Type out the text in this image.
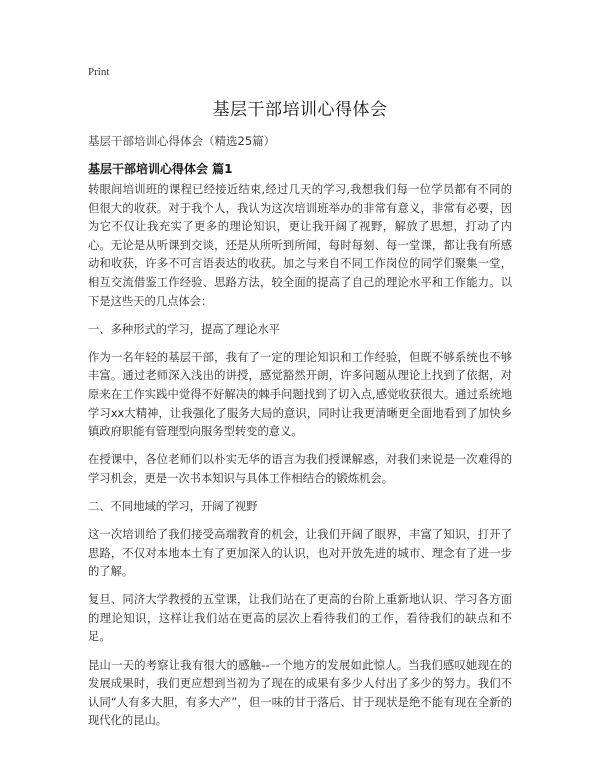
Print
基层干部培训心得体会
基层干部培训心得体会（精选25篇）
基层干部培训心得体会 篇1

转眼间培训班的课程已经接近结束,经过几天的学习,我想我们每一位学员都有不同的但很大的收获。对于我个人，我认为这次培训班举办的非常有意义，非常有必要，因为它不仅让我充实了更多的理论知识，更让我开阔了视野，解放了思想，打动了内心。无论是从听课到交谈，还是从所听到所闻，每时每刻、每一堂课，都让我有所感动和收获，许多不可言语表达的收获。加之与来自不同工作岗位的同学们聚集一堂，相互交流借鉴工作经验、思路方法，较全面的提高了自己的理论水平和工作能力。以下是这些天的几点体会：

一、多种形式的学习，提高了理论水平

作为一名年轻的基层干部，我有了一定的理论知识和工作经验，但既不够系统也不够丰富。通过老师深入浅出的讲授，感觉豁然开朗，许多问题从理论上找到了依据，对原来在工作实践中觉得不好解决的棘手问题找到了切入点,感觉收获很大。通过系统地学习xx大精神，让我强化了服务大局的意识，同时让我更清晰更全面地看到了加快乡镇政府职能有管理型向服务型转变的意义。

在授课中，各位老师们以朴实无华的语言为我们授课解惑，对我们来说是一次难得的学习机会，更是一次书本知识与具体工作相结合的锻炼机会。

二、不同地域的学习，开阔了视野

这一次培训给了我们接受高端教育的机会，让我们开阔了眼界，丰富了知识，打开了思路，不仅对本地本土有了更加深入的认识，也对开放先进的城市、理念有了进一步的了解。

复旦、同济大学教授的五堂课，让我们站在了更高的台阶上重新地认识、学习各方面的理论知识，这样让我们站在更高的层次上看待我们的工作，看待我们的缺点和不足。

昆山一天的考察让我有很大的感触--一个地方的发展如此惊人。当我们感叹她现在的发展成果时，我们更应想到当初为了现在的成果有多少人付出了多少的努力。我们不认同“人有多大胆，有多大产”，但一味的甘于落后、甘于现状是绝不能有现在全新的现代化的昆山。
